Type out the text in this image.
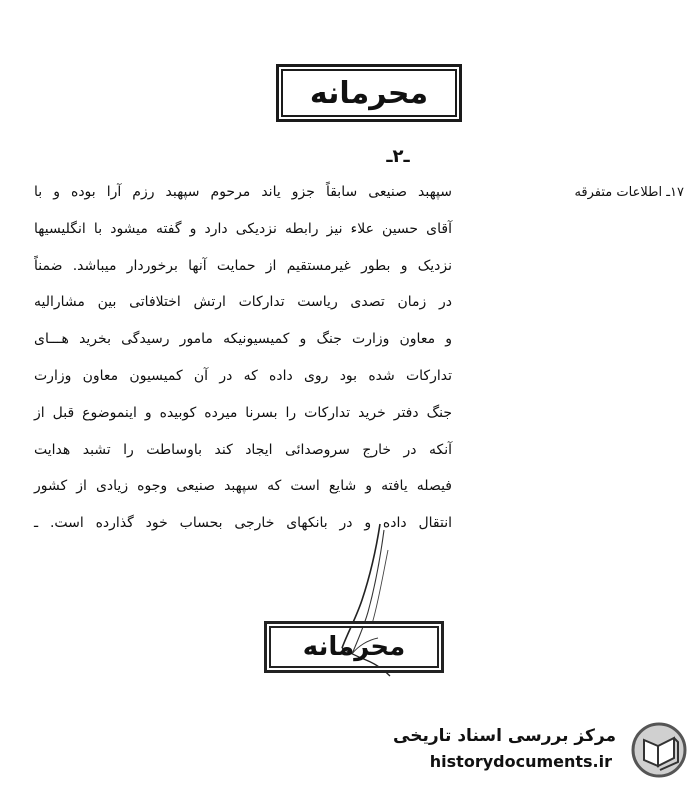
محرمانه
ـ۲ـ
۱۷ـ اطلاعات متفرقه
سپهبد صنیعی سابقاً جزو یاند مرحوم سپهبد رزم آرا بوده و با
آقای حسین علاء نیز رابطه نزدیکی دارد و گفته میشود با انگلیسیها
نزدیک و بطور غیرمستقیم از حمایت آنها برخوردار میباشد. ضمناً
در زمان تصدی ریاست تدارکات ارتش اختلافاتی بین مشارالیه
و معاون وزارت جنگ و کمیسیونیکه مامور رسیدگی بخرید هـــای
تدارکات شده بود روی داده که در آن کمیسیون معاون وزارت
جنگ دفتر خرید تدارکات را بسرنا میرده کوبیده و اینموضوع قبل از
آنکه در خارج سروصدائی ایجاد کند باوساطت را تشبد هدایت
فیصله یافته و شایع است که سپهبد صنیعی وجوه زیادی از کشور
انتقال داده و در بانکهای خارجی بحساب خود گذارده است. ـ
محرمانه
مرکز بررسی اسناد تاریخی
historydocuments.ir
